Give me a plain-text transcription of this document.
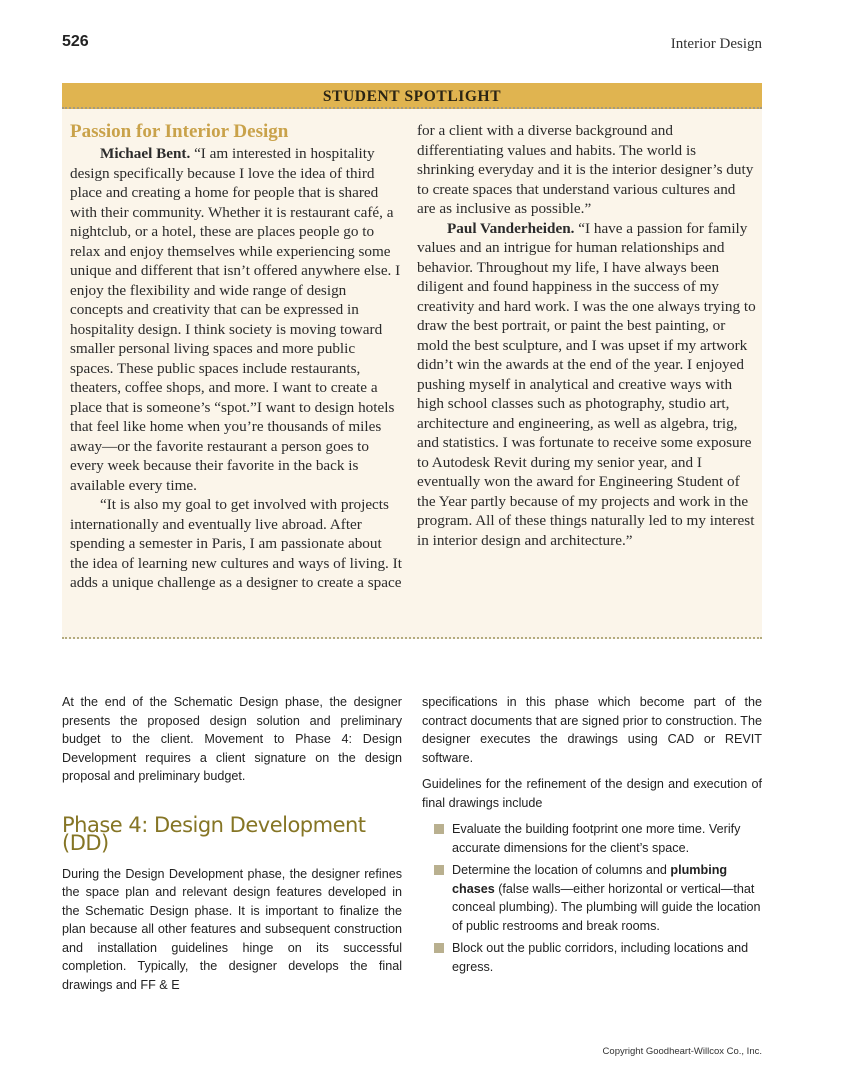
526	Interior Design
STUDENT SPOTLIGHT
Passion for Interior Design

Michael Bent. “I am interested in hospitality design specifically because I love the idea of third place and creating a home for people that is shared with their community. Whether it is restaurant café, a nightclub, or a hotel, these are places people go to relax and enjoy themselves while experiencing some unique and different that isn’t offered anywhere else. I enjoy the flexibility and wide range of design concepts and creativity that can be expressed in hospitality design. I think society is moving toward smaller personal living spaces and more public spaces. These public spaces include restaurants, theaters, coffee shops, and more. I want to create a place that is someone’s “spot.”I want to design hotels that feel like home when you’re thousands of miles away—or the favorite restaurant a person goes to every week because their favorite in the back is available every time.

“It is also my goal to get involved with projects internationally and eventually live abroad. After spending a semester in Paris, I am passionate about the idea of learning new cultures and ways of living. It adds a unique challenge as a designer to create a space

for a client with a diverse background and differentiating values and habits. The world is shrinking everyday and it is the interior designer’s duty to create spaces that understand various cultures and are as inclusive as possible.”

Paul Vanderheiden. “I have a passion for family values and an intrigue for human relationships and behavior. Throughout my life, I have always been diligent and found happiness in the success of my creativity and hard work. I was the one always trying to draw the best portrait, or paint the best painting, or mold the best sculpture, and I was upset if my artwork didn’t win the awards at the end of the year. I enjoyed pushing myself in analytical and creative ways with high school classes such as photography, studio art, architecture and engineering, as well as algebra, trig, and statistics. I was fortunate to receive some exposure to Autodesk Revit during my senior year, and I eventually won the award for Engineering Student of the Year partly because of my projects and work in the program. All of these things naturally led to my interest in interior design and architecture.”

At the end of the Schematic Design phase, the designer presents the proposed design solution and preliminary budget to the client. Movement to Phase 4: Design Development requires a client signature on the design proposal and preliminary budget.

Phase 4: Design Development (DD)

During the Design Development phase, the designer refines the space plan and relevant design features developed in the Schematic Design phase. It is important to finalize the plan because all other features and subsequent construction and installation guidelines hinge on its successful completion. Typically, the designer develops the final drawings and FF & E

specifications in this phase which become part of the contract documents that are signed prior to construction. The designer executes the drawings using CAD or REVIT software.

Guidelines for the refinement of the design and execution of final drawings include

Evaluate the building footprint one more time. Verify accurate dimensions for the client’s space.
Determine the location of columns and plumbing chases (false walls—either horizontal or vertical—that conceal plumbing). The plumbing will guide the location of public restrooms and break rooms.
Block out the public corridors, including locations and egress.
Copyright Goodheart-Willcox Co., Inc.
